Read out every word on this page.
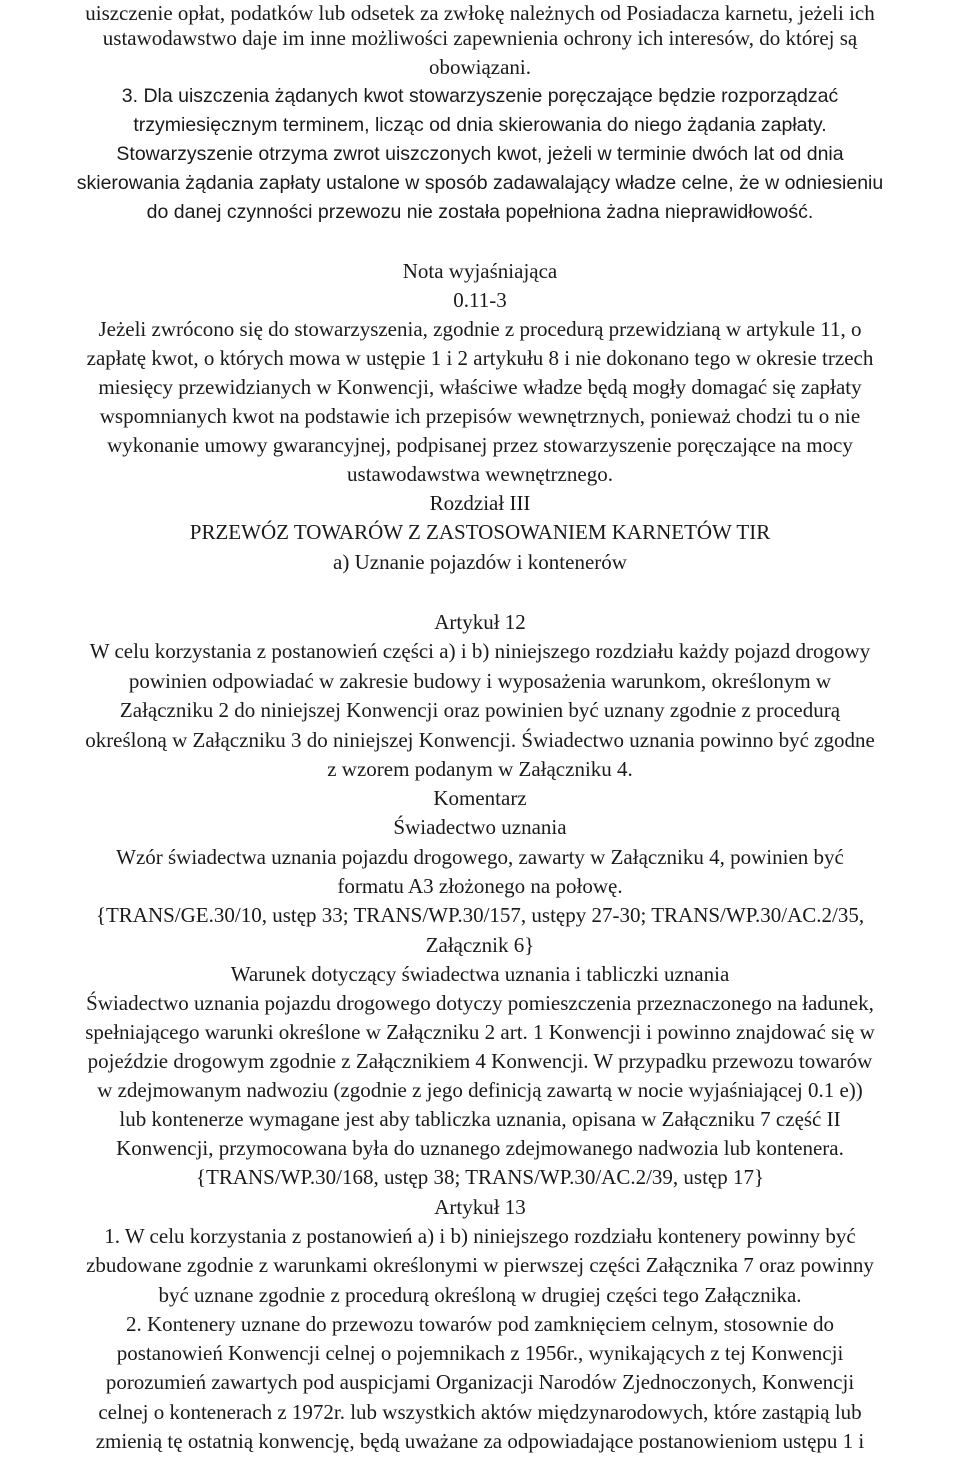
uiszczenie opłat, podatków lub odsetek za zwłokę należnych od Posiadacza karnetu, jeżeli ich
ustawodawstwo daje im inne możliwości zapewnienia ochrony ich interesów, do której są
obowiązani.
3. Dla uiszczenia żądanych kwot stowarzyszenie poręczające będzie rozporządzać
trzymiesięcznym terminem, licząc od dnia skierowania do niego żądania zapłaty.
Stowarzyszenie otrzyma zwrot uiszczonych kwot, jeżeli w terminie dwóch lat od dnia
skierowania żądania zapłaty ustalone w sposób zadawalający władze celne, że w odniesieniu
do danej czynności przewozu nie została popełniona żadna nieprawidłowość.
Nota wyjaśniająca
0.11-3
Jeżeli zwrócono się do stowarzyszenia, zgodnie z procedurą przewidzianą w artykule 11, o
zapłatę kwot, o których mowa w ustępie 1 i 2 artykułu 8 i nie dokonano tego w okresie trzech
miesięcy przewidzianych w Konwencji, właściwe władze będą mogły domagać się zapłaty
wspomnianych kwot na podstawie ich przepisów wewnętrznych, ponieważ chodzi tu o nie
wykonanie umowy gwarancyjnej, podpisanej przez stowarzyszenie poręczające na mocy
ustawodawstwa wewnętrznego.
Rozdział III
PRZEWÓZ TOWARÓW Z ZASTOSOWANIEM KARNETÓW TIR
a) Uznanie pojazdów i kontenerów
Artykuł 12
W celu korzystania z postanowień części a) i b) niniejszego rozdziału każdy pojazd drogowy
powinien odpowiadać w zakresie budowy i wyposażenia warunkom, określonym w
Załączniku 2 do niniejszej Konwencji oraz powinien być uznany zgodnie z procedurą
określoną w Załączniku 3 do niniejszej Konwencji. Świadectwo uznania powinno być zgodne
z wzorem podanym w Załączniku 4.
Komentarz
Świadectwo uznania
Wzór świadectwa uznania pojazdu drogowego, zawarty w Załączniku 4, powinien być
formatu A3 złożonego na połowę.
{TRANS/GE.30/10, ustęp 33; TRANS/WP.30/157, ustępy 27-30; TRANS/WP.30/AC.2/35,
Załącznik 6}
Warunek dotyczący świadectwa uznania i tabliczki uznania
Świadectwo uznania pojazdu drogowego dotyczy pomieszczenia przeznaczonego na ładunek,
spełniającego warunki określone w Załączniku 2 art. 1 Konwencji i powinno znajdować się w
pojeździe drogowym zgodnie z Załącznikiem 4 Konwencji. W przypadku przewozu towarów
w zdejmowanym nadwoziu (zgodnie z jego definicją zawartą w nocie wyjaśniającej 0.1 e))
lub kontenerze wymagane jest aby tabliczka uznania, opisana w Załączniku 7 część II
Konwencji, przymocowana była do uznanego zdejmowanego nadwozia lub kontenera.
{TRANS/WP.30/168, ustęp 38; TRANS/WP.30/AC.2/39, ustęp 17}
Artykuł 13
1. W celu korzystania z postanowień a) i b) niniejszego rozdziału kontenery powinny być
zbudowane zgodnie z warunkami określonymi w pierwszej części Załącznika 7 oraz powinny
być uznane zgodnie z procedurą określoną w drugiej części tego Załącznika.
2. Kontenery uznane do przewozu towarów pod zamknięciem celnym, stosownie do
postanowień Konwencji celnej o pojemnikach z 1956r., wynikających z tej Konwencji
porozumień zawartych pod auspicjami Organizacji Narodów Zjednoczonych, Konwencji
celnej o kontenerach z 1972r. lub wszystkich aktów międzynarodowych, które zastąpią lub
zmienią tę ostatnią konwencję, będą uważane za odpowiadające postanowieniom ustępu 1 i
